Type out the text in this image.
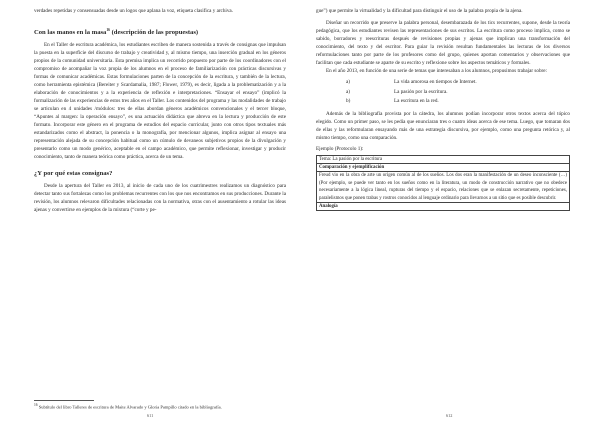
verdades repetidas y consensuadas desde un logos que aplana la voz, etiqueta clasifica y archiva.

Con las manos en la masa$^{16}$ (descripción de las propuestas)

En el Taller de escritura académica, los estudiantes escriben de manera sostenida a través de consignas que impulsan la puesta en la superficie del discurso de trabajo y creatividad y, al mismo tiempo, una inserción gradual en los géneros propios de la comunidad universitaria. Esta premisa implica un recorrido propuesto por parte de los coordinadores con el compromiso de acompañar la voz propia de los alumnos en el proceso de familiarización con prácticas discursivas y formas de comunicar académicas. Estas formulaciones parten de la concepción de la escritura, y también de la lectura, como herramienta epistémica (Bereiter y Scardamalia, 1987; Flower, 1979), es decir, ligada a la problematización y a la elaboración de conocimientos y a la experiencia de reflexión e interpretaciones. “Ensayar el ensayo” (implicó la formalización de las experiencias de estos tres años en el Taller. Los contenidos del programa y las modalidades de trabajo se articulan en 4 unidades /módulos: tres de ellas abordan géneros académicos convencionales y el tercer bloque, “Apuntes al margen: la operación ensayo”, es una actuación didáctica que abreva en la lectura y producción de este formato. Incorporar este género en el programa de estudios del espacio curricular, junto con otros tipos textuales más estandarizados como el abstract, la ponencia o la monografía, por mencionar algunos, implica asignar al ensayo una representación alejada de su concepción habitual como un cúmulo de devaneos subjetivos propios de la divulgación y presentarlo como un modo genérico, aceptable en el campo académico, que permite reflexionar, investigar y producir conocimiento, tanto de manera teórica como práctica, acerca de un tema.

¿Y por qué estas consignas?

Desde la apertura del Taller en 2013, al inicio de cada uno de los cuatrimestres realizamos un diagnóstico para detectar tanto sus fortalezas como los problemas recurrentes con los que nos encontramos en sus producciones. Durante la revisión, los alumnos relevaron dificultades relacionadas con la normativa, otras con el ausentamiento a rotular las ideas ajenas y convertirse en ejemplos de la mixtura (“corte y pe-

$^{16}$ Subtítulo del libro Talleres de escritura de Maite Alvarado y Gloria Pampillo citado en la bibliografía.
611

gue”) que permite la virtualidad y la dificultad para distinguir el uso de la palabra propia de la ajena.

Diseñar un recorrido que preserve la palabra personal, desembarazada de los tics recurrentes, supone, desde la teoría pedagógica, que los estudiantes revisen las representaciones de sus escritos. La escritura como proceso implica, como se sabido, borradores y reescrituras después de revisiones propias y ajenas que implican una transformación del conocimiento, del texto y del escritor. Para guiar la revisión resultan fundamentales las lecturas de los diversos reformulaciones tanto por parte de los profesores como del grupo, quienes aportan comentarios y observaciones que facilitan que cada estudiante se aparte de su escrito y reflexione sobre los aspectos temáticos y formales.

En el año 2013, en función de una serie de temas que interesaban a los alumnos, propusimos trabajar sobre:

a)	La vida amorosa en tiempos de Internet.
a)	La pasión por la escritura.
b)	La escritura en la red.

Además de la bibliografía provista por la cátedra, los alumnos podían incorporar otros textos acerca del tópico elegido. Como un primer paso, se les pedía que enunciaran tres o cuatro ideas acerca de ese tema. Luego, que tomaran dos de ellas y las reformularan ensayando más de una estrategia discursiva, por ejemplo, como una pregunta retórica y, al mismo tiempo, como una comparación.

Ejemplo (Protocolo 1):
Tema: La pasión por la escritura
Comparación y ejemplificación
Freud vio en la obra de arte un origen común al de los sueños. Los dos eran la manifestación de un deseo inconsciente (…) (Por ejemplo, se puede ver tanto en los sueños como en la literatura, un modo de construcción narrativo que no obedece necesariamente a la lógica lineal, rupturas del tiempo y el espacio, relaciones que se enlazan secretamente, repeticiones, paralelismos que ponen trabas y rostros conocidos al lenguaje ordinario para llevarnos a un sitio que es posible descubrir.
Analogía
612
